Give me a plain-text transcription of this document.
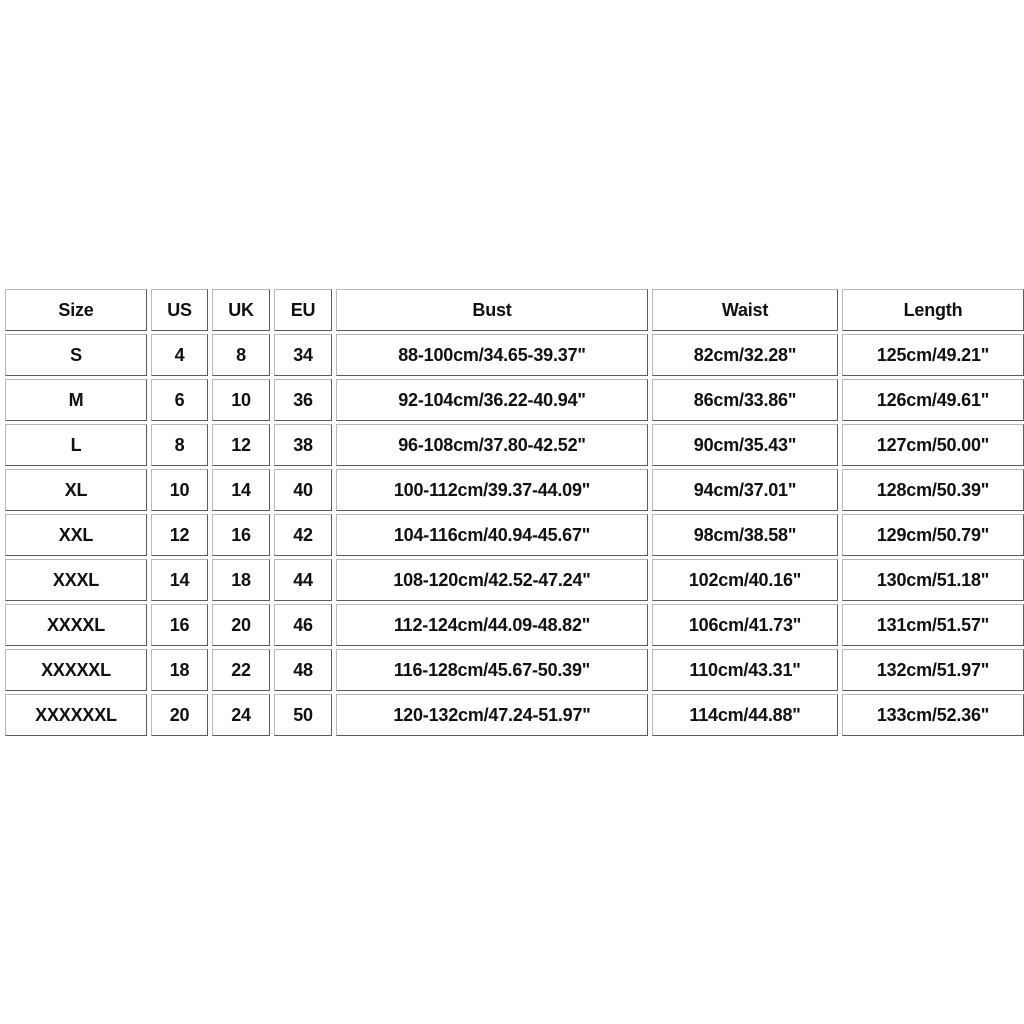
Size	US	UK	EU	Bust	Waist	Length
S	4	8	34	88-100cm/34.65-39.37"	82cm/32.28"	125cm/49.21"
M	6	10	36	92-104cm/36.22-40.94"	86cm/33.86"	126cm/49.61"
L	8	12	38	96-108cm/37.80-42.52"	90cm/35.43"	127cm/50.00"
XL	10	14	40	100-112cm/39.37-44.09"	94cm/37.01"	128cm/50.39"
XXL	12	16	42	104-116cm/40.94-45.67"	98cm/38.58"	129cm/50.79"
XXXL	14	18	44	108-120cm/42.52-47.24"	102cm/40.16"	130cm/51.18"
XXXXL	16	20	46	112-124cm/44.09-48.82"	106cm/41.73"	131cm/51.57"
XXXXXL	18	22	48	116-128cm/45.67-50.39"	110cm/43.31"	132cm/51.97"
XXXXXXL	20	24	50	120-132cm/47.24-51.97"	114cm/44.88"	133cm/52.36"
